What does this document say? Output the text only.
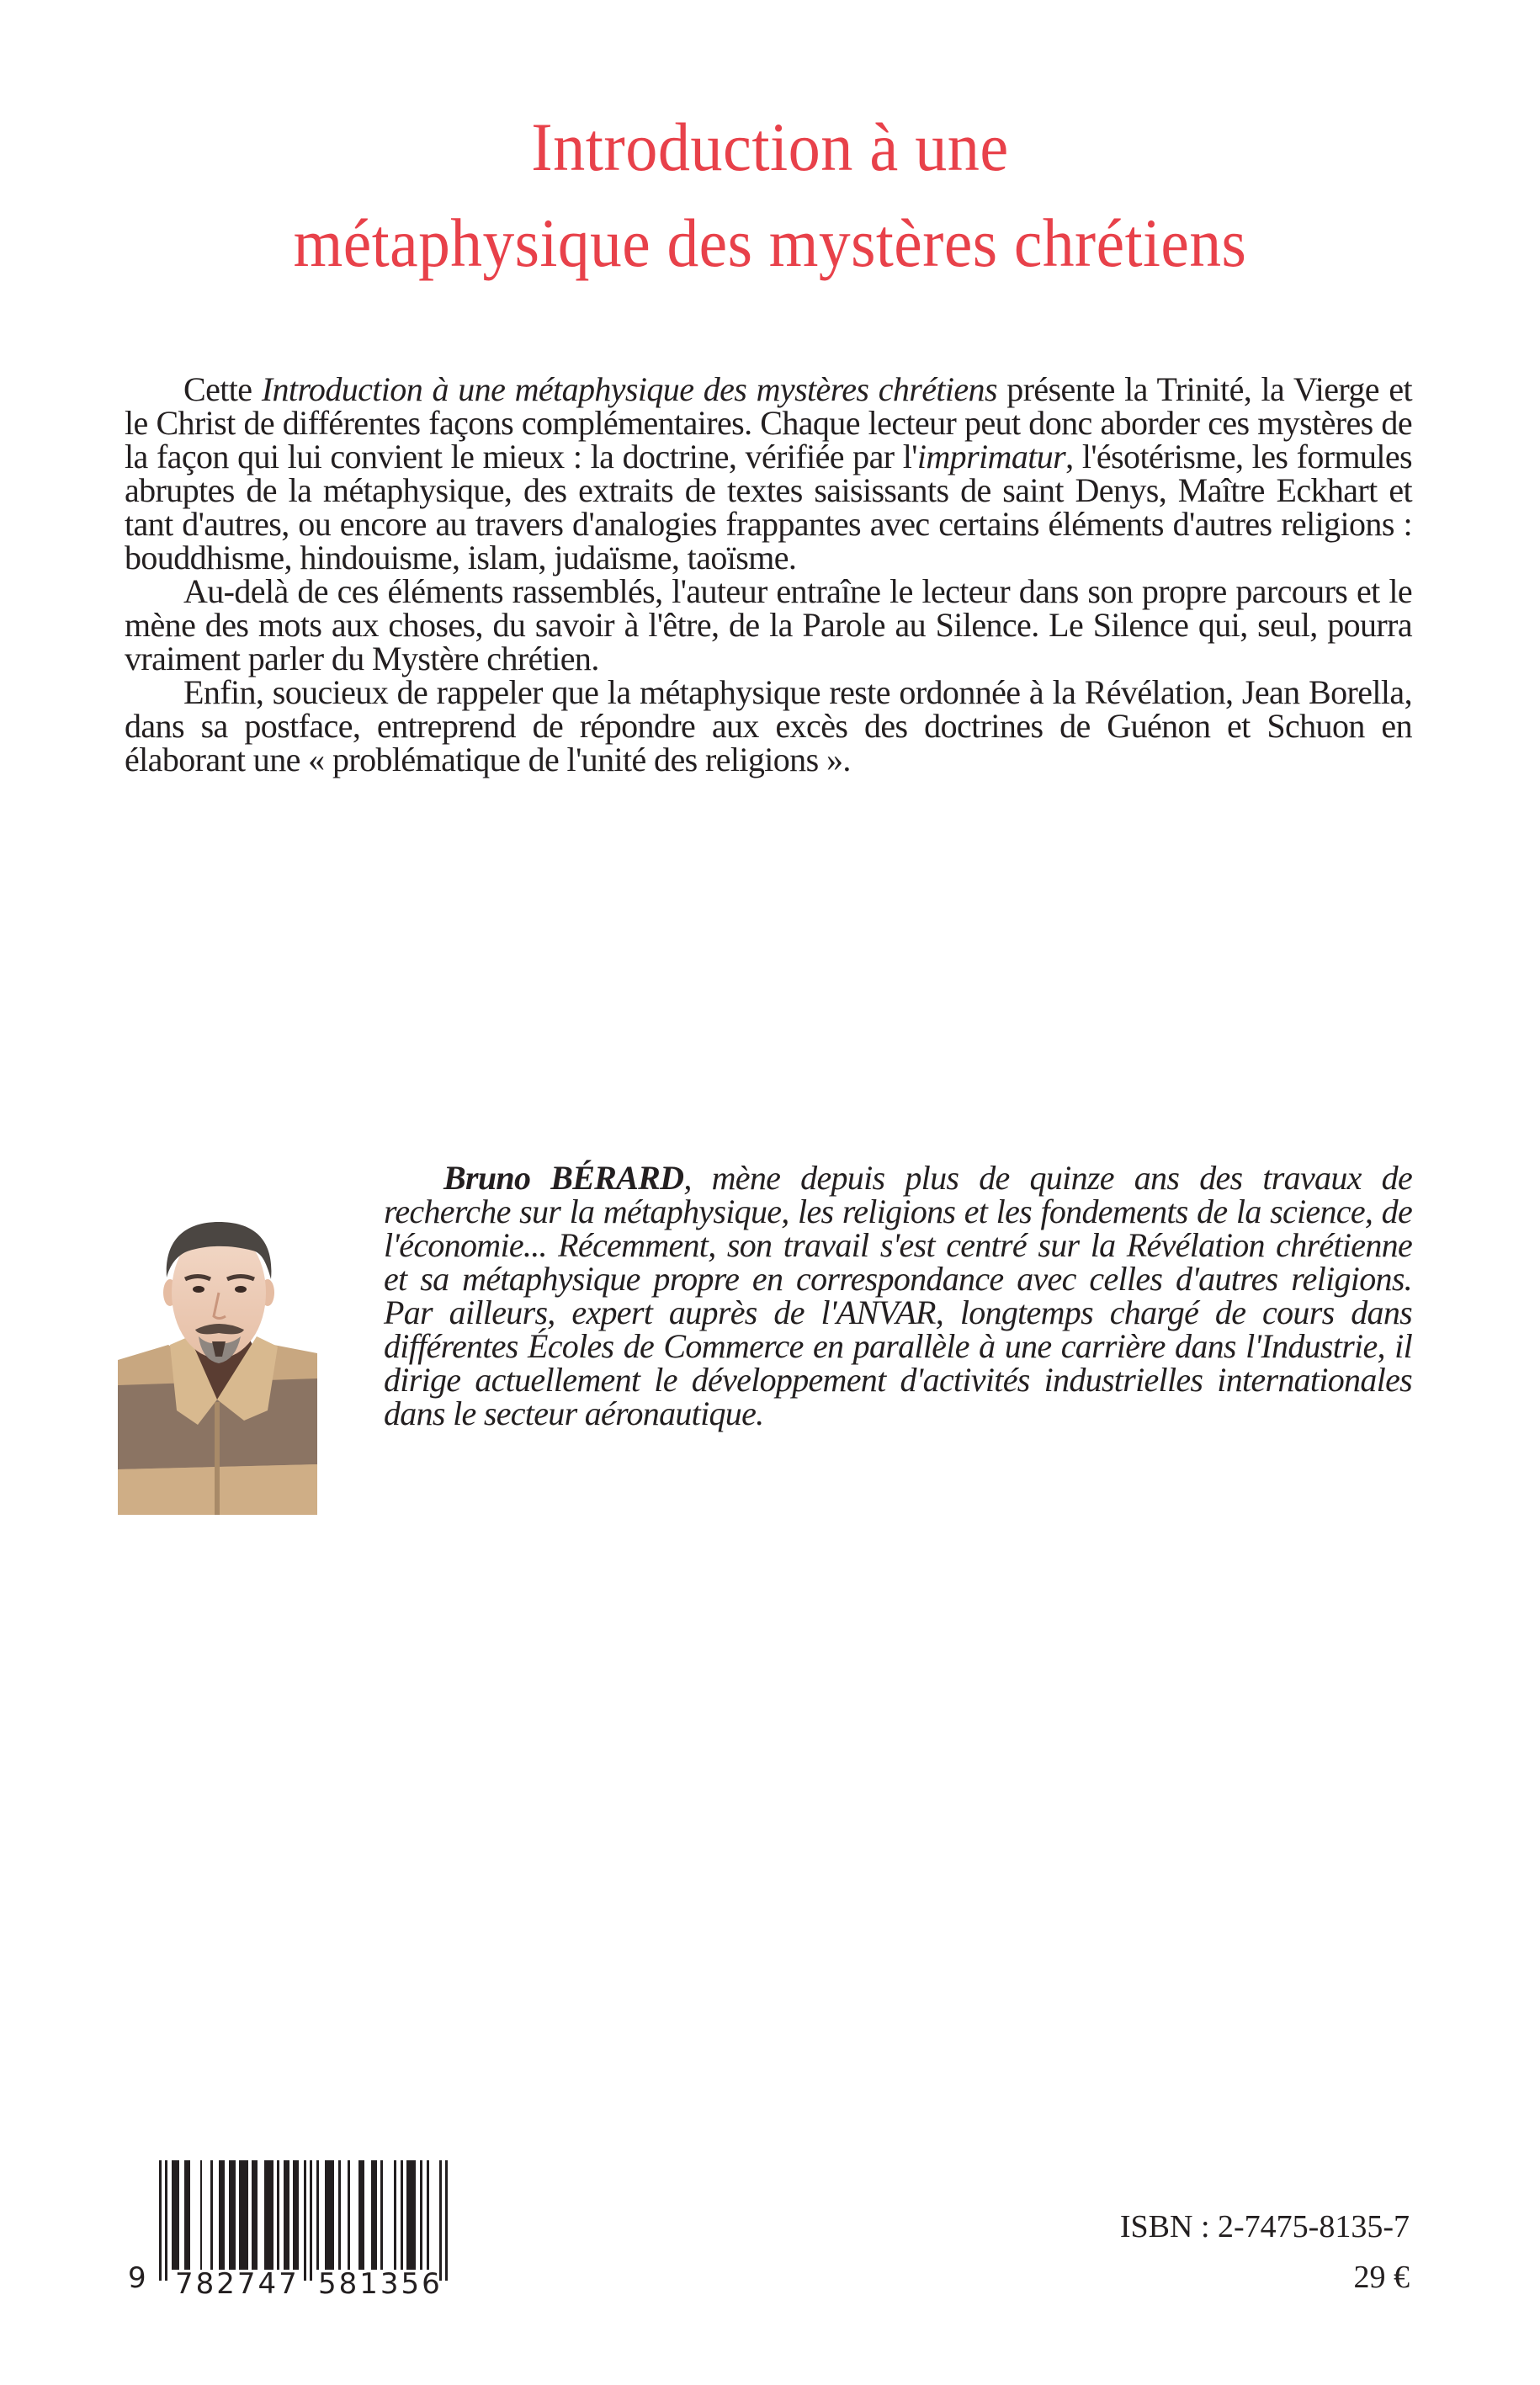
Introduction à une
métaphysique des mystères chrétiens

Cette Introduction à une métaphysique des mystères chrétiens présente la Trinité, la Vierge et le Christ de différentes façons complémentaires. Chaque lecteur peut donc aborder ces mystères de la façon qui lui convient le mieux : la doctrine, vérifiée par l'imprimatur, l'ésotérisme, les formules abruptes de la métaphysique, des extraits de textes saisissants de saint Denys, Maître Eckhart et tant d'autres, ou encore au travers d'analogies frappantes avec certains éléments d'autres religions : bouddhisme, hindouisme, islam, judaïsme, taoïsme.

Au-delà de ces éléments rassemblés, l'auteur entraîne le lecteur dans son propre parcours et le mène des mots aux choses, du savoir à l'être, de la Parole au Silence. Le Silence qui, seul, pourra vraiment parler du Mystère chrétien.

Enfin, soucieux de rappeler que la métaphysique reste ordonnée à la Révélation, Jean Borella, dans sa postface, entreprend de répondre aux excès des doctrines de Guénon et Schuon en élaborant une « problématique de l'unité des religions ».

Bruno BÉRARD, mène depuis plus de quinze ans des travaux de recherche sur la métaphysique, les religions et les fondements de la science, de l'économie... Récemment, son travail s'est centré sur la Révélation chrétienne et sa métaphysique propre en correspondance avec celles d'autres religions. Par ailleurs, expert auprès de l'ANVAR, longtemps chargé de cours dans différentes Écoles de Commerce en parallèle à une carrière dans l'Industrie, il dirige actuellement le développement d'activités industrielles internationales dans le secteur aéronautique.
9 782747 581356
ISBN : 2-7475-8135-7
29 €
